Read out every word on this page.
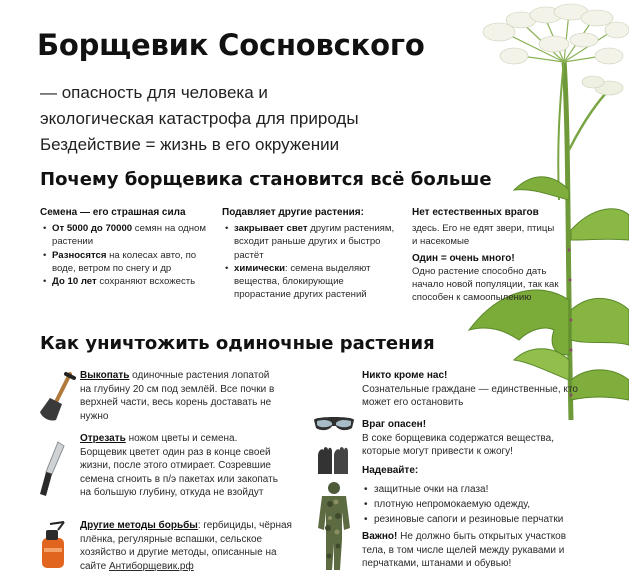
Борщевик Сосновского
— опасность для человека и
экологическая катастрофа для природы
Бездействие = жизнь в его окружении
Почему борщевика становится всё больше
Семена — его страшная сила
• От 5000 до 70000 семян на одном растении
• Разносятся на колесах авто, по воде, ветром по снегу и др
• До 10 лет сохраняют всхожесть
Подавляет другие растения:
• закрывает свет другим растениям, всходит раньше других и быстро растёт
• химически: семена выделяют вещества, блокирующие прорастание других растений
Нет естественных врагов

здесь. Его не едят звери, птицы и насекомые

Один = очень много!

Одно растение способно дать начало новой популяции, так как способен к самоопылению

Как уничтожить одиночные растения
Выкопать одиночные растения лопатой на глубину 20 см под землёй. Все почки в верхней части, весь корень доставать не нужно
Отрезать ножом цветы и семена. Борщевик цветет один раз в конце своей жизни, после этого отмирает. Созревшие семена сгноить в п/э пакетах или закопать на большую глубину, откуда не взойдут
Другие методы борьбы: гербициды, чёрная плёнка, регулярные вспашки, сельское хозяйство и другие методы, описанные на сайте Антиборщевик.рф
Никто кроме нас!
Сознательные граждане — единственные, кто может его остановить
Враг опасен!
В соке борщевика содержатся вещества, которые могут привести к ожогу!
Надевайте:
• защитные очки на глаза!
• плотную непромокаемую одежду,
• резиновые сапоги и резиновые перчатки
Важно! Не должно быть открытых участков тела, в том числе щелей между рукавами и перчатками, штанами и обувью!
